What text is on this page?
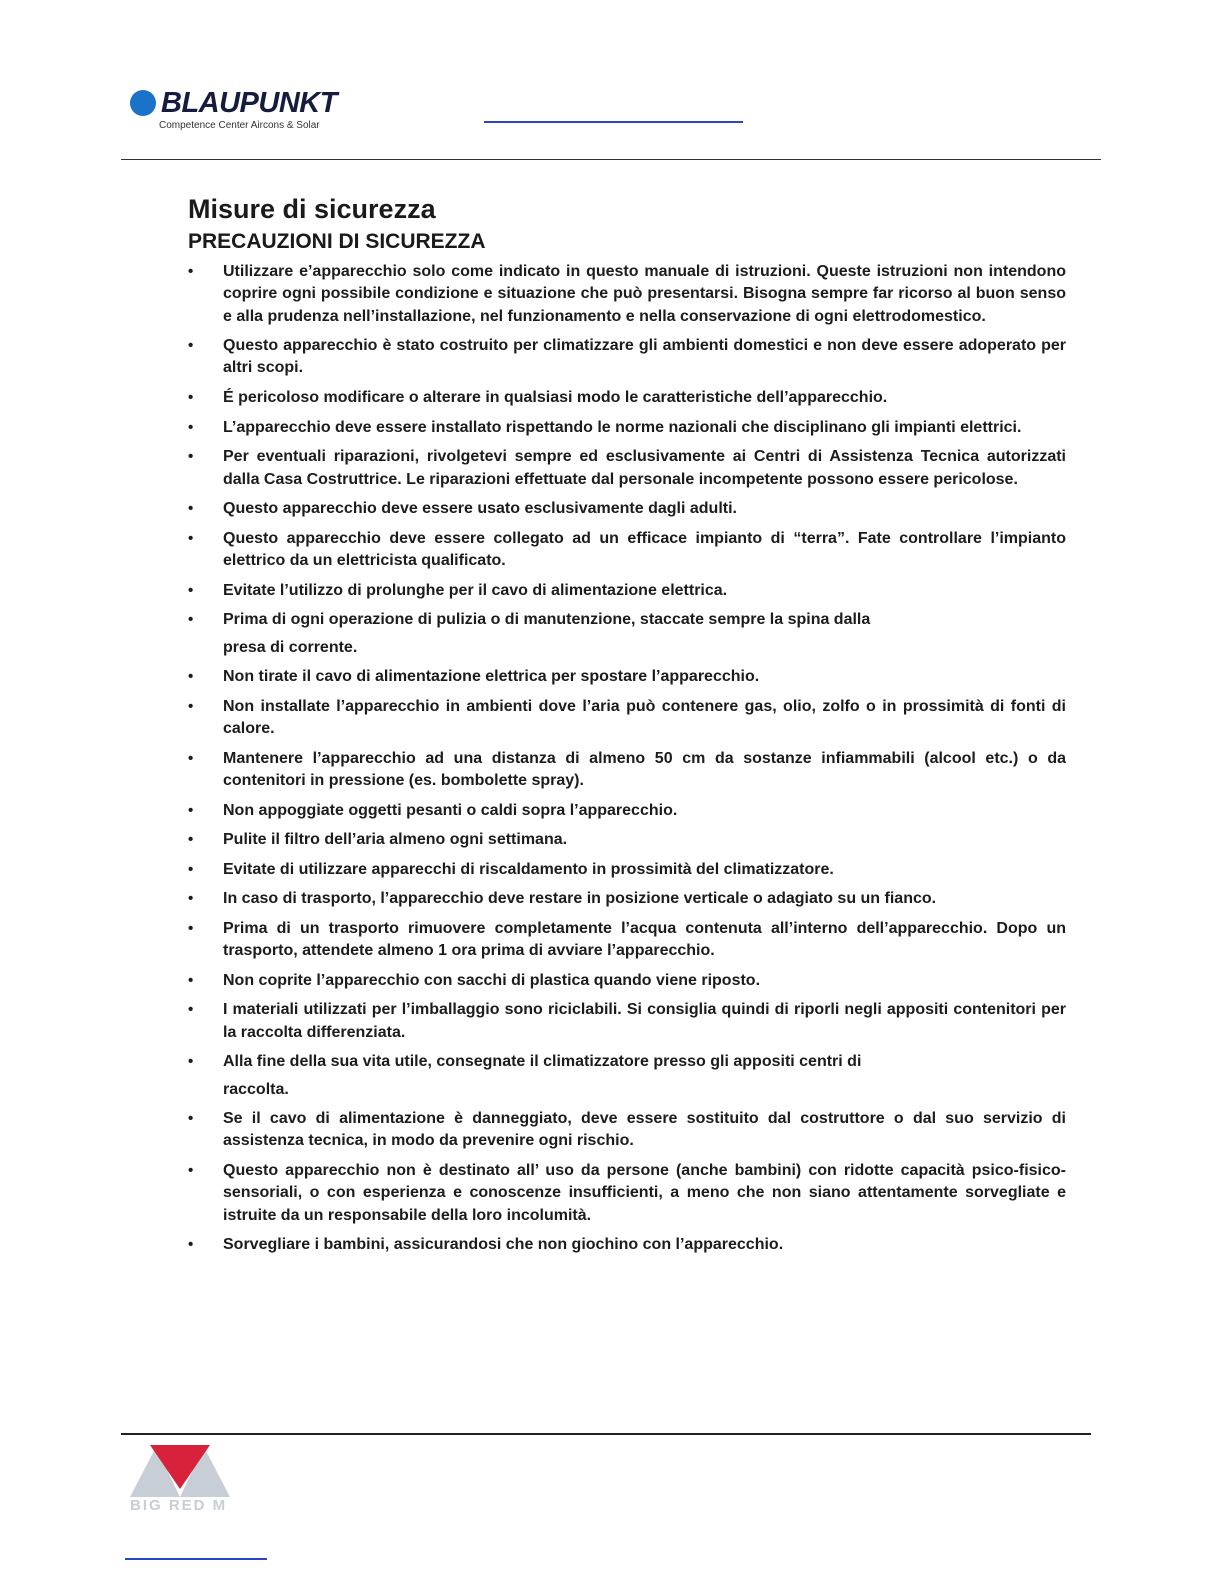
BLAUPUNKT
Competence Center Aircons & Solar
Misure di sicurezza
PRECAUZIONI DI SICUREZZA
• Utilizzare e’apparecchio solo come indicato in questo manuale di istruzioni. Queste istruzioni non intendono coprire ogni possibile condizione e situazione che può presentarsi. Bisogna sempre far ricorso al buon senso e alla prudenza nell’installazione, nel funzionamento e nella conservazione di ogni elettrodomestico.
• Questo apparecchio è stato costruito per climatizzare gli ambienti domestici e non deve essere adoperato per altri scopi.
• É pericoloso modificare o alterare in qualsiasi modo le caratteristiche dell’apparecchio.
• L’apparecchio deve essere installato rispettando le norme nazionali che disciplinano gli impianti elettrici.
• Per eventuali riparazioni, rivolgetevi sempre ed esclusivamente ai Centri di Assistenza Tecnica autorizzati dalla Casa Costruttrice. Le riparazioni effettuate dal personale incompetente possono essere pericolose.
• Questo apparecchio deve essere usato esclusivamente dagli adulti.
• Questo apparecchio deve essere collegato ad un efficace impianto di “terra”. Fate controllare l’impianto elettrico da un elettricista qualificato.
• Evitate l’utilizzo di prolunghe per il cavo di alimentazione elettrica.
• Prima di ogni operazione di pulizia o di manutenzione, staccate sempre la spina dalla
presa di corrente.
• Non tirate il cavo di alimentazione elettrica per spostare l’apparecchio.
• Non installate l’apparecchio in ambienti dove l’aria può contenere gas, olio, zolfo o in prossimità di fonti di calore.
• Mantenere l’apparecchio ad una distanza di almeno 50 cm da sostanze infiammabili (alcool etc.) o da contenitori in pressione (es. bombolette spray).
• Non appoggiate oggetti pesanti o caldi sopra l’apparecchio.
• Pulite il filtro dell’aria almeno ogni settimana.
• Evitate di utilizzare apparecchi di riscaldamento in prossimità del climatizzatore.
• In caso di trasporto, l’apparecchio deve restare in posizione verticale o adagiato su un fianco.
• Prima di un trasporto rimuovere completamente l’acqua contenuta all’interno dell’apparecchio. Dopo un trasporto, attendete almeno 1 ora prima di avviare l’apparecchio.
• Non coprite l’apparecchio con sacchi di plastica quando viene riposto.
• I materiali utilizzati per l’imballaggio sono riciclabili. Si consiglia quindi di riporli negli appositi contenitori per la raccolta differenziata.
• Alla fine della sua vita utile, consegnate il climatizzatore presso gli appositi centri di
raccolta.
• Se il cavo di alimentazione è danneggiato, deve essere sostituito dal costruttore o dal suo servizio di assistenza tecnica, in modo da prevenire ogni rischio.
• Questo apparecchio non è destinato all’ uso da persone (anche bambini) con ridotte capacità psico-fisico-sensoriali, o con esperienza e conoscenze insufficienti, a meno che non siano attentamente sorvegliate e istruite da un responsabile della loro incolumità.
• Sorvegliare i bambini, assicurandosi che non giochino con l’apparecchio.
BIG RED M
